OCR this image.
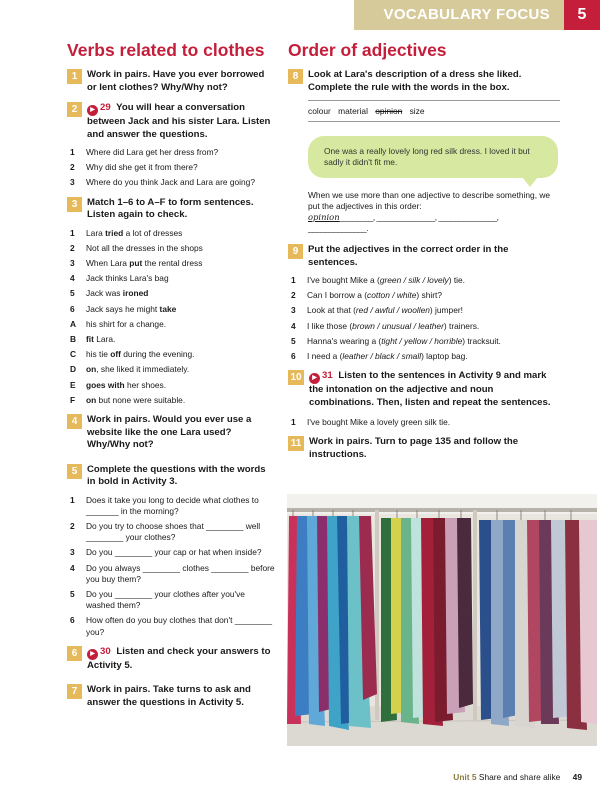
VOCABULARY FOCUS	5
Verbs related to clothes
1	Work in pairs. Have you ever borrowed or lent clothes? Why/Why not?
2	▶ 29 You will hear a conversation between Jack and his sister Lara. Listen and answer the questions.
1 Where did Lara get her dress from?
2 Why did she get it from there?
3 Where do you think Jack and Lara are going?
3	Match 1–6 to A–F to form sentences. Listen again to check.
1 Lara tried a lot of dresses
2 Not all the dresses in the shops
3 When Lara put the rental dress
4 Jack thinks Lara's bag
5 Jack was ironed
6 Jack says he might take
A his shirt for a change.
B fit Lara.
C his tie off during the evening.
D on, she liked it immediately.
E goes with her shoes.
F on but none were suitable.
4	Work in pairs. Would you ever use a website like the one Lara used? Why/Why not?
5	Complete the questions with the words in bold in Activity 3.
1 Does it take you long to decide what clothes to _______ in the morning?
2 Do you try to choose shoes that ________ well ________ your clothes?
3 Do you ________ your cap or hat when inside?
4 Do you always ________ clothes ________ before you buy them?
5 Do you ________ your clothes after you've washed them?
6 How often do you buy clothes that don't ________ you?
6	▶ 30 Listen and check your answers to Activity 5.
7	Work in pairs. Take turns to ask and answer the questions in Activity 5.
Order of adjectives
8	Look at Lara's description of a dress she liked. Complete the rule with the words in the box.
colour material opinion size
One was a really lovely long red silk dress. I loved it but sadly it didn't fit me.
When we use more than one adjective to describe something, we put the adjectives in this order:
opinion________, ______________, ______________, ______________.
9	Put the adjectives in the correct order in the sentences.
1 I've bought Mike a (green / silk / lovely) tie.
2 Can I borrow a (cotton / white) shirt?
3 Look at that (red / awful / woollen) jumper!
4 I like those (brown / unusual / leather) trainers.
5 Hanna's wearing a (tight / yellow / horrible) tracksuit.
6 I need a (leather / black / small) laptop bag.
10	▶ 31 Listen to the sentences in Activity 9 and mark the intonation on the adjective and noun combinations. Then, listen and repeat the sentences.
1 I've bought Mike a lovely green silk tie.
11 Work in pairs. Turn to page 135 and follow the instructions.
Unit 5 Share and share alike 49
